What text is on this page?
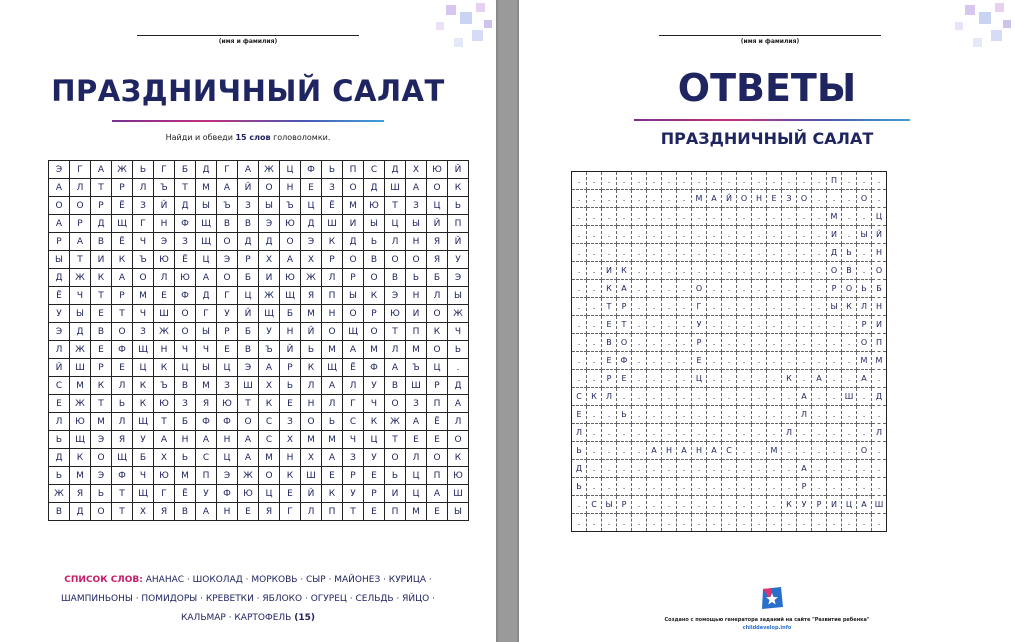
(имя и фамилия)
ПРАЗДНИЧНЫЙ САЛАТ
Найди и обведи 15 слов головоломки.
Э	Г	А	Ж	Ь	Г	Б	Д	Г	А	Ж	Ц	Ф	Ь	П	С	Д	Х	Ю	Й
А	Л	Т	Р	Л	Ъ	Т	М	А	Й	О	Н	Е	З	О	Д	Ш	А	О	К
О	О	Р	Ё	З	Й	Д	Ы	Ъ	З	Ы	Ъ	Ц	Ё	М	Ю	Т	З	Ц	Ь
А	Р	Д	Щ	Г	Н	Ф	Щ	В	В	Э	Ю	Д	Ш	И	Ы	Ц	Ы	Й	П
Р	А	В	Ё	Ч	Э	З	Щ	О	Д	Д	О	Э	К	Д	Ь	Л	Н	Я	Й
Ы	Т	И	К	Ъ	Ю	Ё	Ц	Э	Р	Х	А	Х	Р	О	В	О	О	Я	У
Д	Ж	К	А	О	Л	Ю	А	О	Б	И	Ю	Ж	Л	Р	О	В	Ь	Б	Э
Ё	Ч	Т	Р	М	Е	Ф	Д	Г	Ц	Ж	Щ	Я	П	Ы	К	Э	Н	Л	Ы
У	Ы	Е	Т	Ч	Ш	О	Г	У	Й	Щ	Б	М	Н	О	Р	Ю	И	О	Ж
Э	Д	В	О	З	Ж	О	Ы	Р	Б	У	Н	Й	О	Щ	О	Т	П	К	Ч
Л	Ж	Е	Ф	Щ	Н	Ч	Ч	Е	В	Ъ	Й	Ь	М	А	М	Л	М	О	Ь
Й	Ш	Р	Е	Ц	К	Ц	Ы	Ц	Э	А	Р	К	Щ	Ё	Ф	А	Ъ	Ц	.
С	М	К	Л	К	Ъ	В	М	З	Ш	Х	Ь	Л	А	Л	У	В	Ш	Р	Д
Е	Ж	Т	Ь	К	Ю	З	Я	Ю	Т	К	Е	Н	Л	Г	Ч	О	З	П	А
Л	Ю	М	Л	Щ	Т	Б	Ф	Ф	О	С	З	О	Ь	С	К	Ж	А	Ё	Л
Ь	Щ	Э	Я	У	А	Н	А	Н	А	С	Х	М	М	Ч	Ц	Т	Е	Е	О
Д	К	О	Щ	Б	Х	Ь	С	Ц	А	М	Н	Х	А	З	У	О	Л	О	К
Ь	М	Э	Ф	Ч	Ю	М	П	Э	Ж	О	К	Ш	Е	Р	Е	Ь	Ц	П	Ю
Ж	Я	Ь	Т	Щ	Г	Ё	У	Ф	Ю	Ц	Е	Й	К	У	Р	И	Ц	А	Ш
В	Д	О	Т	Х	Я	В	А	Н	Е	Я	Г	Л	П	Т	Е	П	М	Е	Ы
СПИСОК СЛОВ: АНАНАС · ШОКОЛАД · МОРКОВЬ · СЫР · МАЙОНЕЗ · КУРИЦА ·
ШАМПИНЬОНЫ · ПОМИДОРЫ · КРЕВЕТКИ · ЯБЛОКО · ОГУРЕЦ · СЕЛЬДЬ · ЯЙЦО ·
КАЛЬМАР · КАРТОФЕЛЬ (15)
(имя и фамилия)
ОТВЕТЫ
ПРАЗДНИЧНЫЙ САЛАТ
.	.	.	.	.	.	.	.	.	.	.	.	.	.	.	.	.	П	.	.	.
.	.	.	.	.	.	.	.	М	А	Й	О	Н	Е	З	О	.	.	.	О	.
.	.	.	.	.	.	.	.	.	.	.	.	.	.	.	.	.	М	.	.	Ц
.	.	.	.	.	.	.	.	.	.	.	.	.	.	.	.	.	И	.	Ы	Й
.	.	.	.	.	.	.	.	.	.	.	.	.	.	.	.	.	Д	Ь	.	Н
.	.	И	К	.	.	.	.	.	.	.	.	.	.	.	.	.	О	В	.	О
.	.	К	А	.	.	.	.	О	.	.	.	.	.	.	.	.	Р	О	Ь	Б
.	.	Т	Р	.	.	.	.	Г	.	.	.	.	.	.	.	.	Ы	К	Л	Н
.	.	Е	Т	.	.	.	.	У	.	.	.	.	.	.	.	.	.	.	Р	И
.	.	В	О	.	.	.	.	Р	.	.	.	.	.	.	.	.	.	.	О	П
.	.	Е	Ф	.	.	.	.	Е	.	.	.	.	.	.	.	.	.	.	М	М
.	.	Р	Е	.	.	.	.	Ц	.	.	.	.	.	К	.	А	.	.	А	.
С	К	Л	.	.	.	.	.	.	.	.	.	.	.	.	А	.	.	Ш	.	Д
Е	.	.	Ь	.	.	.	.	.	.	.	.	.	.	.	Л	.	.	.	.	.
Л	.	.	.	.	.	.	.	.	.	.	.	.	.	Л	.	.	.	.	.	Л
Ь	.	.	.	.	А	Н	А	Н	А	С	.	.	М	.	.	.	.	.	О	.
Д	.	.	.	.	.	.	.	.	.	.	.	.	.	.	А	.	.	.	.	.
Ь	.	.	.	.	.	.	.	.	.	.	.	.	.	.	Р	.	.	.	.	.
.	С	Ы	Р	.	.	.	.	.	.	.	.	.	.	К	У	Р	И	Ц	А	Ш
.	.	.	.	.	.	.	.	.	.	.	.	.	.	.	.	.	.	.	.	.
Создано с помощью генератора заданий на сайте "Развитие ребенка"
childdevelop.info
